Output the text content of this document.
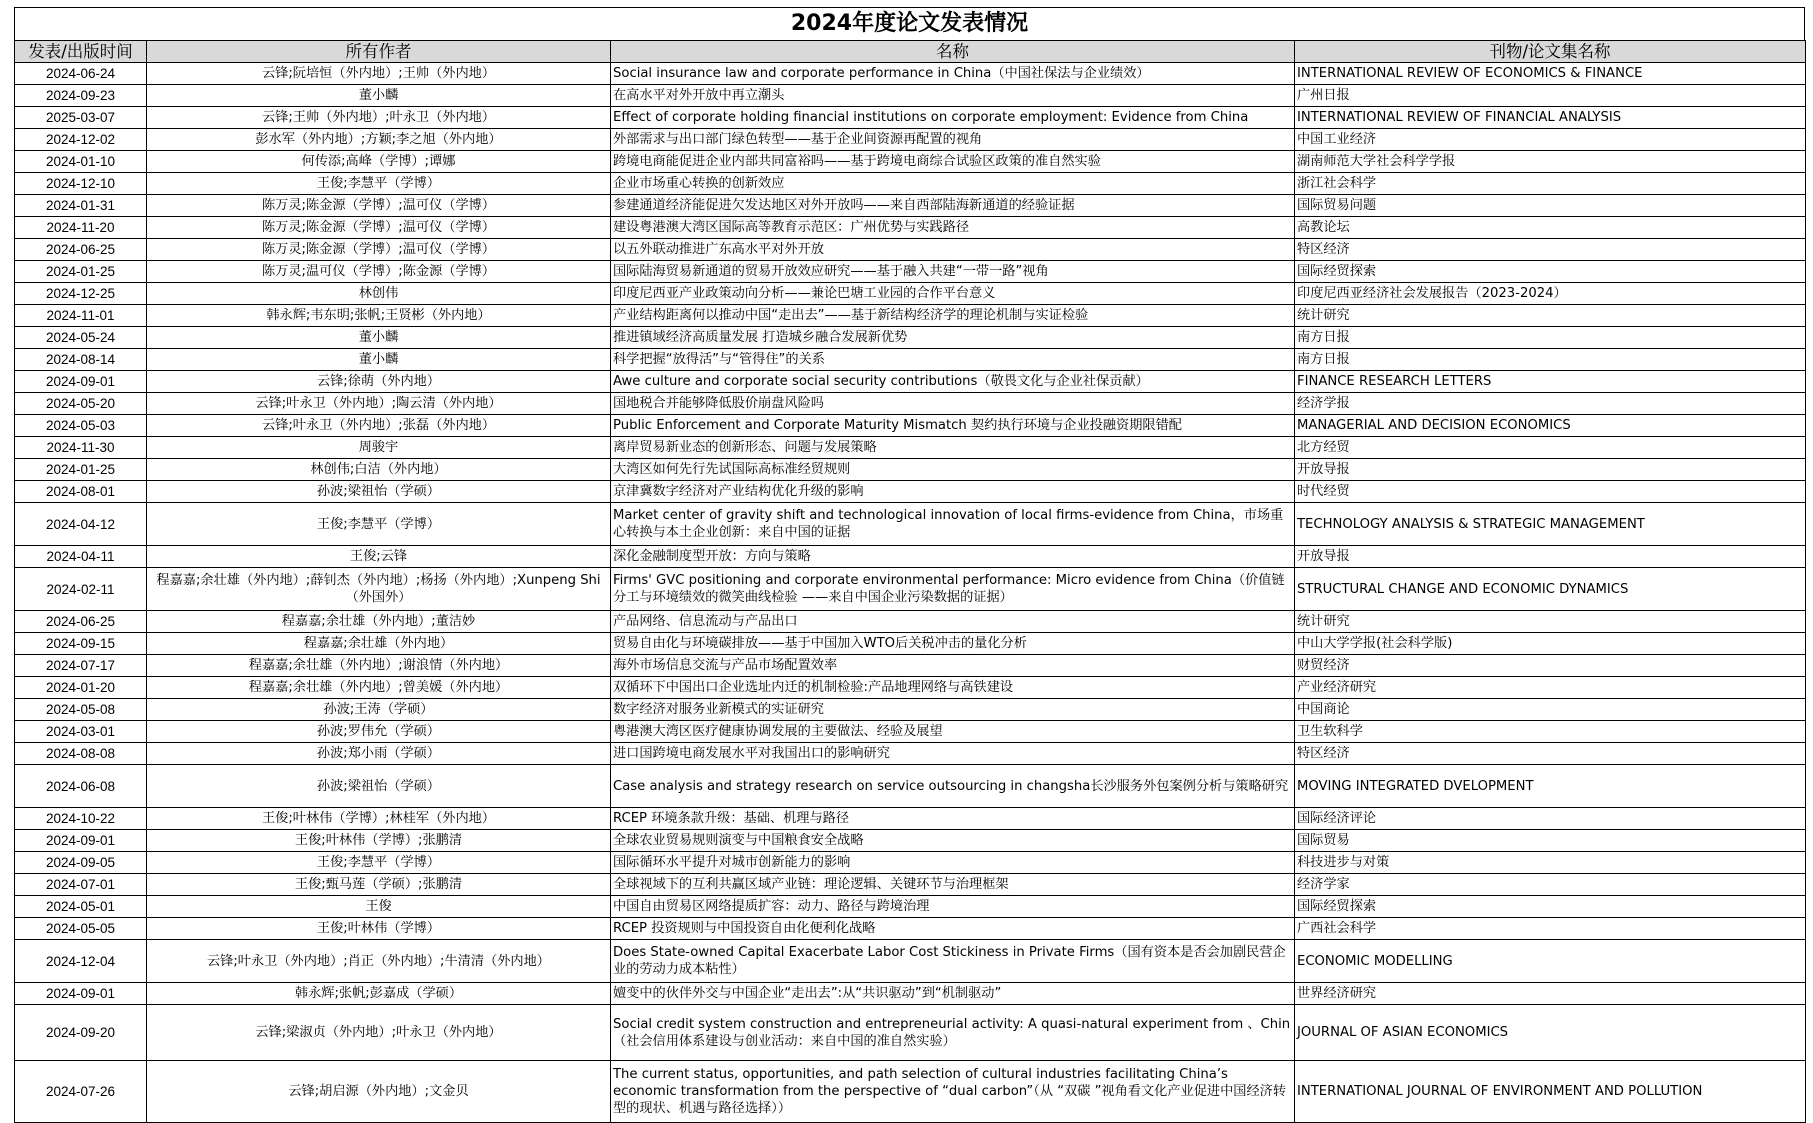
2024年度论文发表情况
发表/出版时间	所有作者	名称	刊物/论文集名称
2024-06-24	云锋;阮培恒（外内地）;王帅（外内地）	Social insurance law and corporate performance in China（中国社保法与企业绩效）	INTERNATIONAL REVIEW OF ECONOMICS & FINANCE
2024-09-23	董小麟	在高水平对外开放中再立潮头	广州日报
2025-03-07	云锋;王帅（外内地）;叶永卫（外内地）	Effect of corporate holding financial institutions on corporate employment: Evidence from China	INTERNATIONAL REVIEW OF FINANCIAL ANALYSIS
2024-12-02	彭水军（外内地）;方颖;李之旭（外内地）	外部需求与出口部门绿色转型——基于企业间资源再配置的视角	中国工业经济
2024-01-10	何传添;高峰（学博）;谭娜	跨境电商能促进企业内部共同富裕吗——基于跨境电商综合试验区政策的准自然实验	湖南师范大学社会科学学报
2024-12-10	王俊;李慧平（学博）	企业市场重心转换的创新效应	浙江社会科学
2024-01-31	陈万灵;陈金源（学博）;温可仪（学博）	参建通道经济能促进欠发达地区对外开放吗——来自西部陆海新通道的经验证据	国际贸易问题
2024-11-20	陈万灵;陈金源（学博）;温可仪（学博）	建设粤港澳大湾区国际高等教育示范区：广州优势与实践路径	高教论坛
2024-06-25	陈万灵;陈金源（学博）;温可仪（学博）	以五外联动推进广东高水平对外开放	特区经济
2024-01-25	陈万灵;温可仪（学博）;陈金源（学博）	国际陆海贸易新通道的贸易开放效应研究——基于融入共建“一带一路”视角	国际经贸探索
2024-12-25	林创伟	印度尼西亚产业政策动向分析——兼论巴塘工业园的合作平台意义	印度尼西亚经济社会发展报告（2023-2024）
2024-11-01	韩永辉;韦东明;张帆;王贤彬（外内地）	产业结构距离何以推动中国“走出去”——基于新结构经济学的理论机制与实证检验	统计研究
2024-05-24	董小麟	推进镇域经济高质量发展 打造城乡融合发展新优势	南方日报
2024-08-14	董小麟	科学把握“放得活”与“管得住”的关系	南方日报
2024-09-01	云锋;徐萌（外内地）	Awe culture and corporate social security contributions（敬畏文化与企业社保贡献）	FINANCE RESEARCH LETTERS
2024-05-20	云锋;叶永卫（外内地）;陶云清（外内地）	国地税合并能够降低股价崩盘风险吗	经济学报
2024-05-03	云锋;叶永卫（外内地）;张磊（外内地）	Public Enforcement and Corporate Maturity Mismatch 契约执行环境与企业投融资期限错配	MANAGERIAL AND DECISION ECONOMICS
2024-11-30	周骏宇	离岸贸易新业态的创新形态、问题与发展策略	北方经贸
2024-01-25	林创伟;白洁（外内地）	大湾区如何先行先试国际高标准经贸规则	开放导报
2024-08-01	孙波;梁祖怡（学硕）	京津冀数字经济对产业结构优化升级的影响	时代经贸
2024-04-12	王俊;李慧平（学博）	Market center of gravity shift and technological innovation of local firms-evidence from China，市场重心转换与本土企业创新：来自中国的证据	TECHNOLOGY ANALYSIS & STRATEGIC MANAGEMENT
2024-04-11	王俊;云锋	深化金融制度型开放：方向与策略	开放导报
2024-02-11	程嘉嘉;余壮雄（外内地）;薛钊杰（外内地）;杨扬（外内地）;Xunpeng Shi（外国外）	Firms' GVC positioning and corporate environmental performance: Micro evidence from China（价值链分工与环境绩效的微笑曲线检验 ——来自中国企业污染数据的证据）	STRUCTURAL CHANGE AND ECONOMIC DYNAMICS
2024-06-25	程嘉嘉;余壮雄（外内地）;董洁妙	产品网络、信息流动与产品出口	统计研究
2024-09-15	程嘉嘉;余壮雄（外内地）	贸易自由化与环境碳排放——基于中国加入WTO后关税冲击的量化分析	中山大学学报(社会科学版)
2024-07-17	程嘉嘉;余壮雄（外内地）;谢浪情（外内地）	海外市场信息交流与产品市场配置效率	财贸经济
2024-01-20	程嘉嘉;余壮雄（外内地）;曾美媛（外内地）	双循环下中国出口企业选址内迁的机制检验:产品地理网络与高铁建设	产业经济研究
2024-05-08	孙波;王涛（学硕）	数字经济对服务业新模式的实证研究	中国商论
2024-03-01	孙波;罗伟允（学硕）	粤港澳大湾区医疗健康协调发展的主要做法、经验及展望	卫生软科学
2024-08-08	孙波;郑小雨（学硕）	进口国跨境电商发展水平对我国出口的影响研究	特区经济
2024-06-08	孙波;梁祖怡（学硕）	Case analysis and strategy research on service outsourcing in changsha长沙服务外包案例分析与策略研究	MOVING INTEGRATED DVELOPMENT
2024-10-22	王俊;叶林伟（学博）;林桂军（外内地）	RCEP 环境条款升级：基础、机理与路径	国际经济评论
2024-09-01	王俊;叶林伟（学博）;张鹏清	全球农业贸易规则演变与中国粮食安全战略	国际贸易
2024-09-05	王俊;李慧平（学博）	国际循环水平提升对城市创新能力的影响	科技进步与对策
2024-07-01	王俊;甄马莲（学硕）;张鹏清	全球视域下的互利共赢区域产业链：理论逻辑、关键环节与治理框架	经济学家
2024-05-01	王俊	中国自由贸易区网络提质扩容：动力、路径与跨境治理	国际经贸探索
2024-05-05	王俊;叶林伟（学博）	RCEP 投资规则与中国投资自由化便利化战略	广西社会科学
2024-12-04	云锋;叶永卫（外内地）;肖正（外内地）;牛清清（外内地）	Does State-owned Capital Exacerbate Labor Cost Stickiness in Private Firms（国有资本是否会加剧民营企业的劳动力成本粘性）	ECONOMIC MODELLING
2024-09-01	韩永辉;张帆;彭嘉成（学硕）	嬗变中的伙伴外交与中国企业“走出去”:从“共识驱动”到“机制驱动”	世界经济研究
2024-09-20	云锋;梁淑贞（外内地）;叶永卫（外内地）	Social credit system construction and entrepreneurial activity: A quasi-natural experiment from 、Chin（社会信用体系建设与创业活动：来自中国的准自然实验）	JOURNAL OF ASIAN ECONOMICS
2024-07-26	云锋;胡启源（外内地）;文金贝	The current status, opportunities, and path selection of cultural industries facilitating China’s economic transformation from the perspective of “dual carbon”（从 “双碳 ”视角看文化产业促进中国经济转型的现状、机遇与路径选择））	INTERNATIONAL JOURNAL OF ENVIRONMENT AND POLLUTION
